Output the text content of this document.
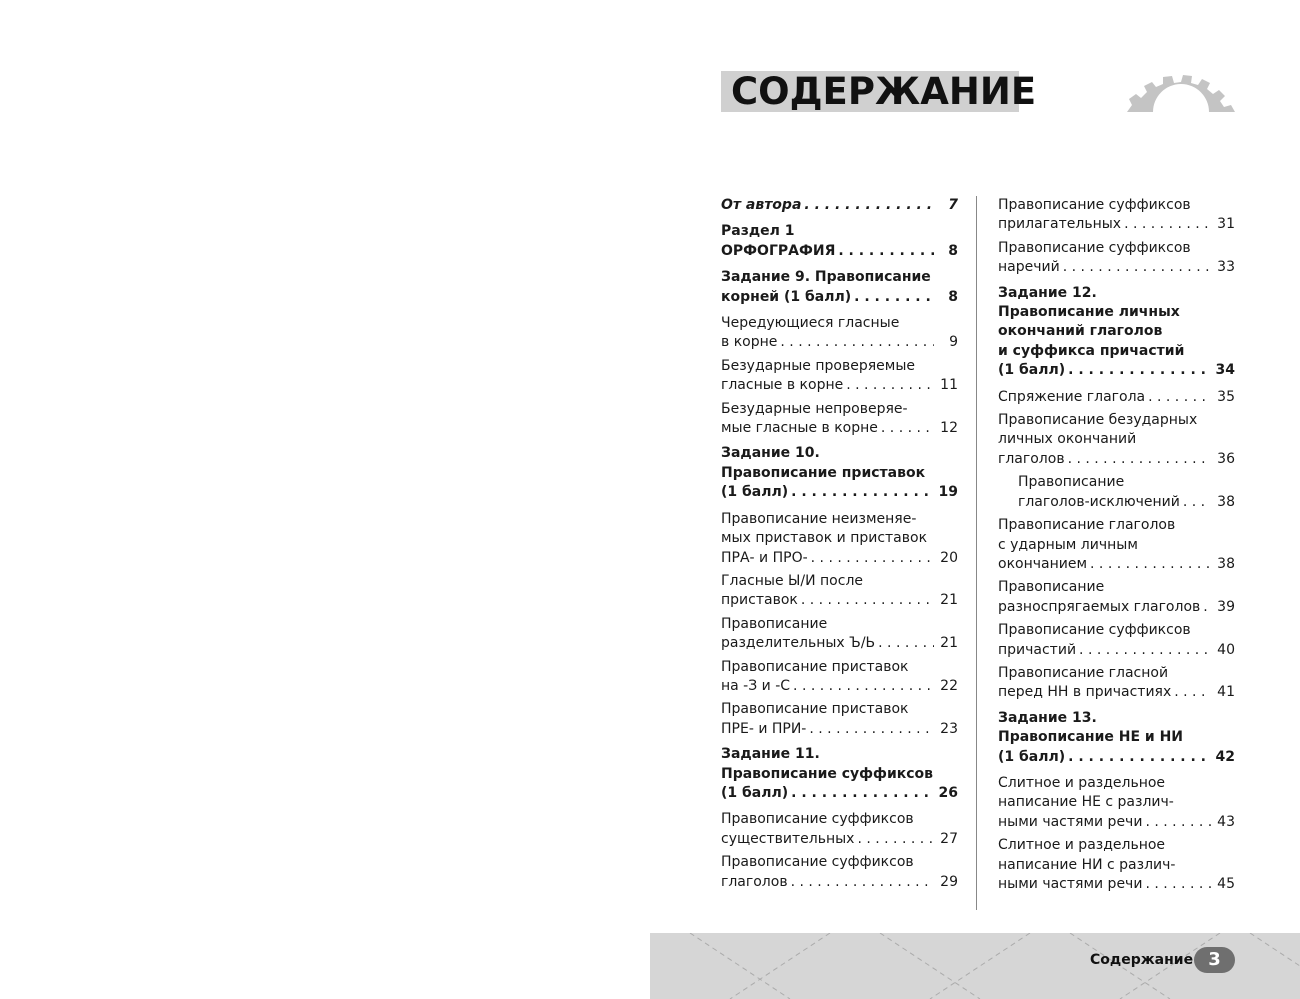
СОДЕРЖАНИЕ
От автора . . .	7
Раздел 1
ОРФОГРАФИЯ . . .	8
Задание 9. Правописание
корней (1 балл) . . .	8
Чередующиеся гласные
в корне . . .	9
Безударные проверяемые
гласные в корне . . .	11
Безударные непроверяе-
мые гласные в корне . . .	12
Задание 10.
Правописание приставок
(1 балл) . . .	19
Правописание неизменяе-
мых приставок и приставок
ПРА- и ПРО- . . .	20
Гласные Ы/И после
приставок . . .	21
Правописание
разделительных Ъ/Ь . . .	21
Правописание приставок
на -З и -С . . .	22
Правописание приставок
ПРЕ- и ПРИ- . . .	23
Задание 11.
Правописание суффиксов
(1 балл) . . .	26
Правописание суффиксов
существительных . . .	27
Правописание суффиксов
глаголов . . .	29
Правописание суффиксов
прилагательных . . .	31
Правописание суффиксов
наречий . . .	33
Задание 12.
Правописание личных
окончаний глаголов
и суффикса причастий
(1 балл) . . .	34
Спряжение глагола . . .	35
Правописание безударных
личных окончаний
глаголов . . .	36
Правописание
глаголов-исключений . . .	38
Правописание глаголов
с ударным личным
окончанием . . .	38
Правописание
разноспрягаемых глаголов . . .	39
Правописание суффиксов
причастий . . .	40
Правописание гласной
перед НН в причастиях . . .	41
Задание 13.
Правописание НЕ и НИ
(1 балл) . . .	42
Слитное и раздельное
написание НЕ с различ-
ными частями речи . . .	43
Слитное и раздельное
написание НИ с различ-
ными частями речи . . .	45
Содержание 3
